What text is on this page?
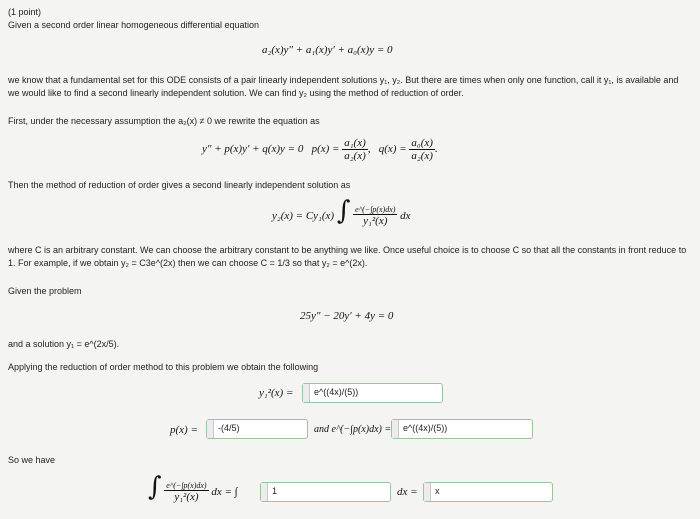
(1 point)
Given a second order linear homogeneous differential equation
a₂(x)y″ + a₁(x)y′ + a₀(x)y = 0
we know that a fundamental set for this ODE consists of a pair linearly independent solutions y₁, y₂. But there are times when only one function, call it y₁, is available and we would like to find a second linearly independent solution. We can find y₂ using the method of reduction of order.
First, under the necessary assumption the a₂(x) ≠ 0 we rewrite the equation as
y″ + p(x)y′ + q(x)y = 0 $p(x) = \frac{\text{a₁(x)}}{\text{a₂(x)}}$ , $q(x) = \frac{\text{a₀(x)}}{\text{a₂(x)}}$ .
Then the method of reduction of order gives a second linearly independent solution as
y₂(x) = Cy₁(x) ∫ $\frac{e\^{}(-\int p(x)dx)}{\text{y₁²(x)}}$ dx
where C is an arbitrary constant. We can choose the arbitrary constant to be anything we like. Once useful choice is to choose C so that all the constants in front reduce to 1. For example, if we obtain y₂ = C3e^(2x) then we can choose C = 1/3 so that y₂ = e^(2x).
Given the problem
25y″ − 20y′ + 4y = 0
and a solution y₁ = e^(2x/5).
Applying the reduction of order method to this problem we obtain the following
y₁²(x) =	e^((4x)/(5))
p(x) =	-(4/5)	and e^(−∫p(x)dx) =	e^((4x)/(5))
So we have
∫ $\frac{e\^{}(-\int p(x)dx)}{\text{y₁²(x)}}$ dx = ∫	1	dx =	x
